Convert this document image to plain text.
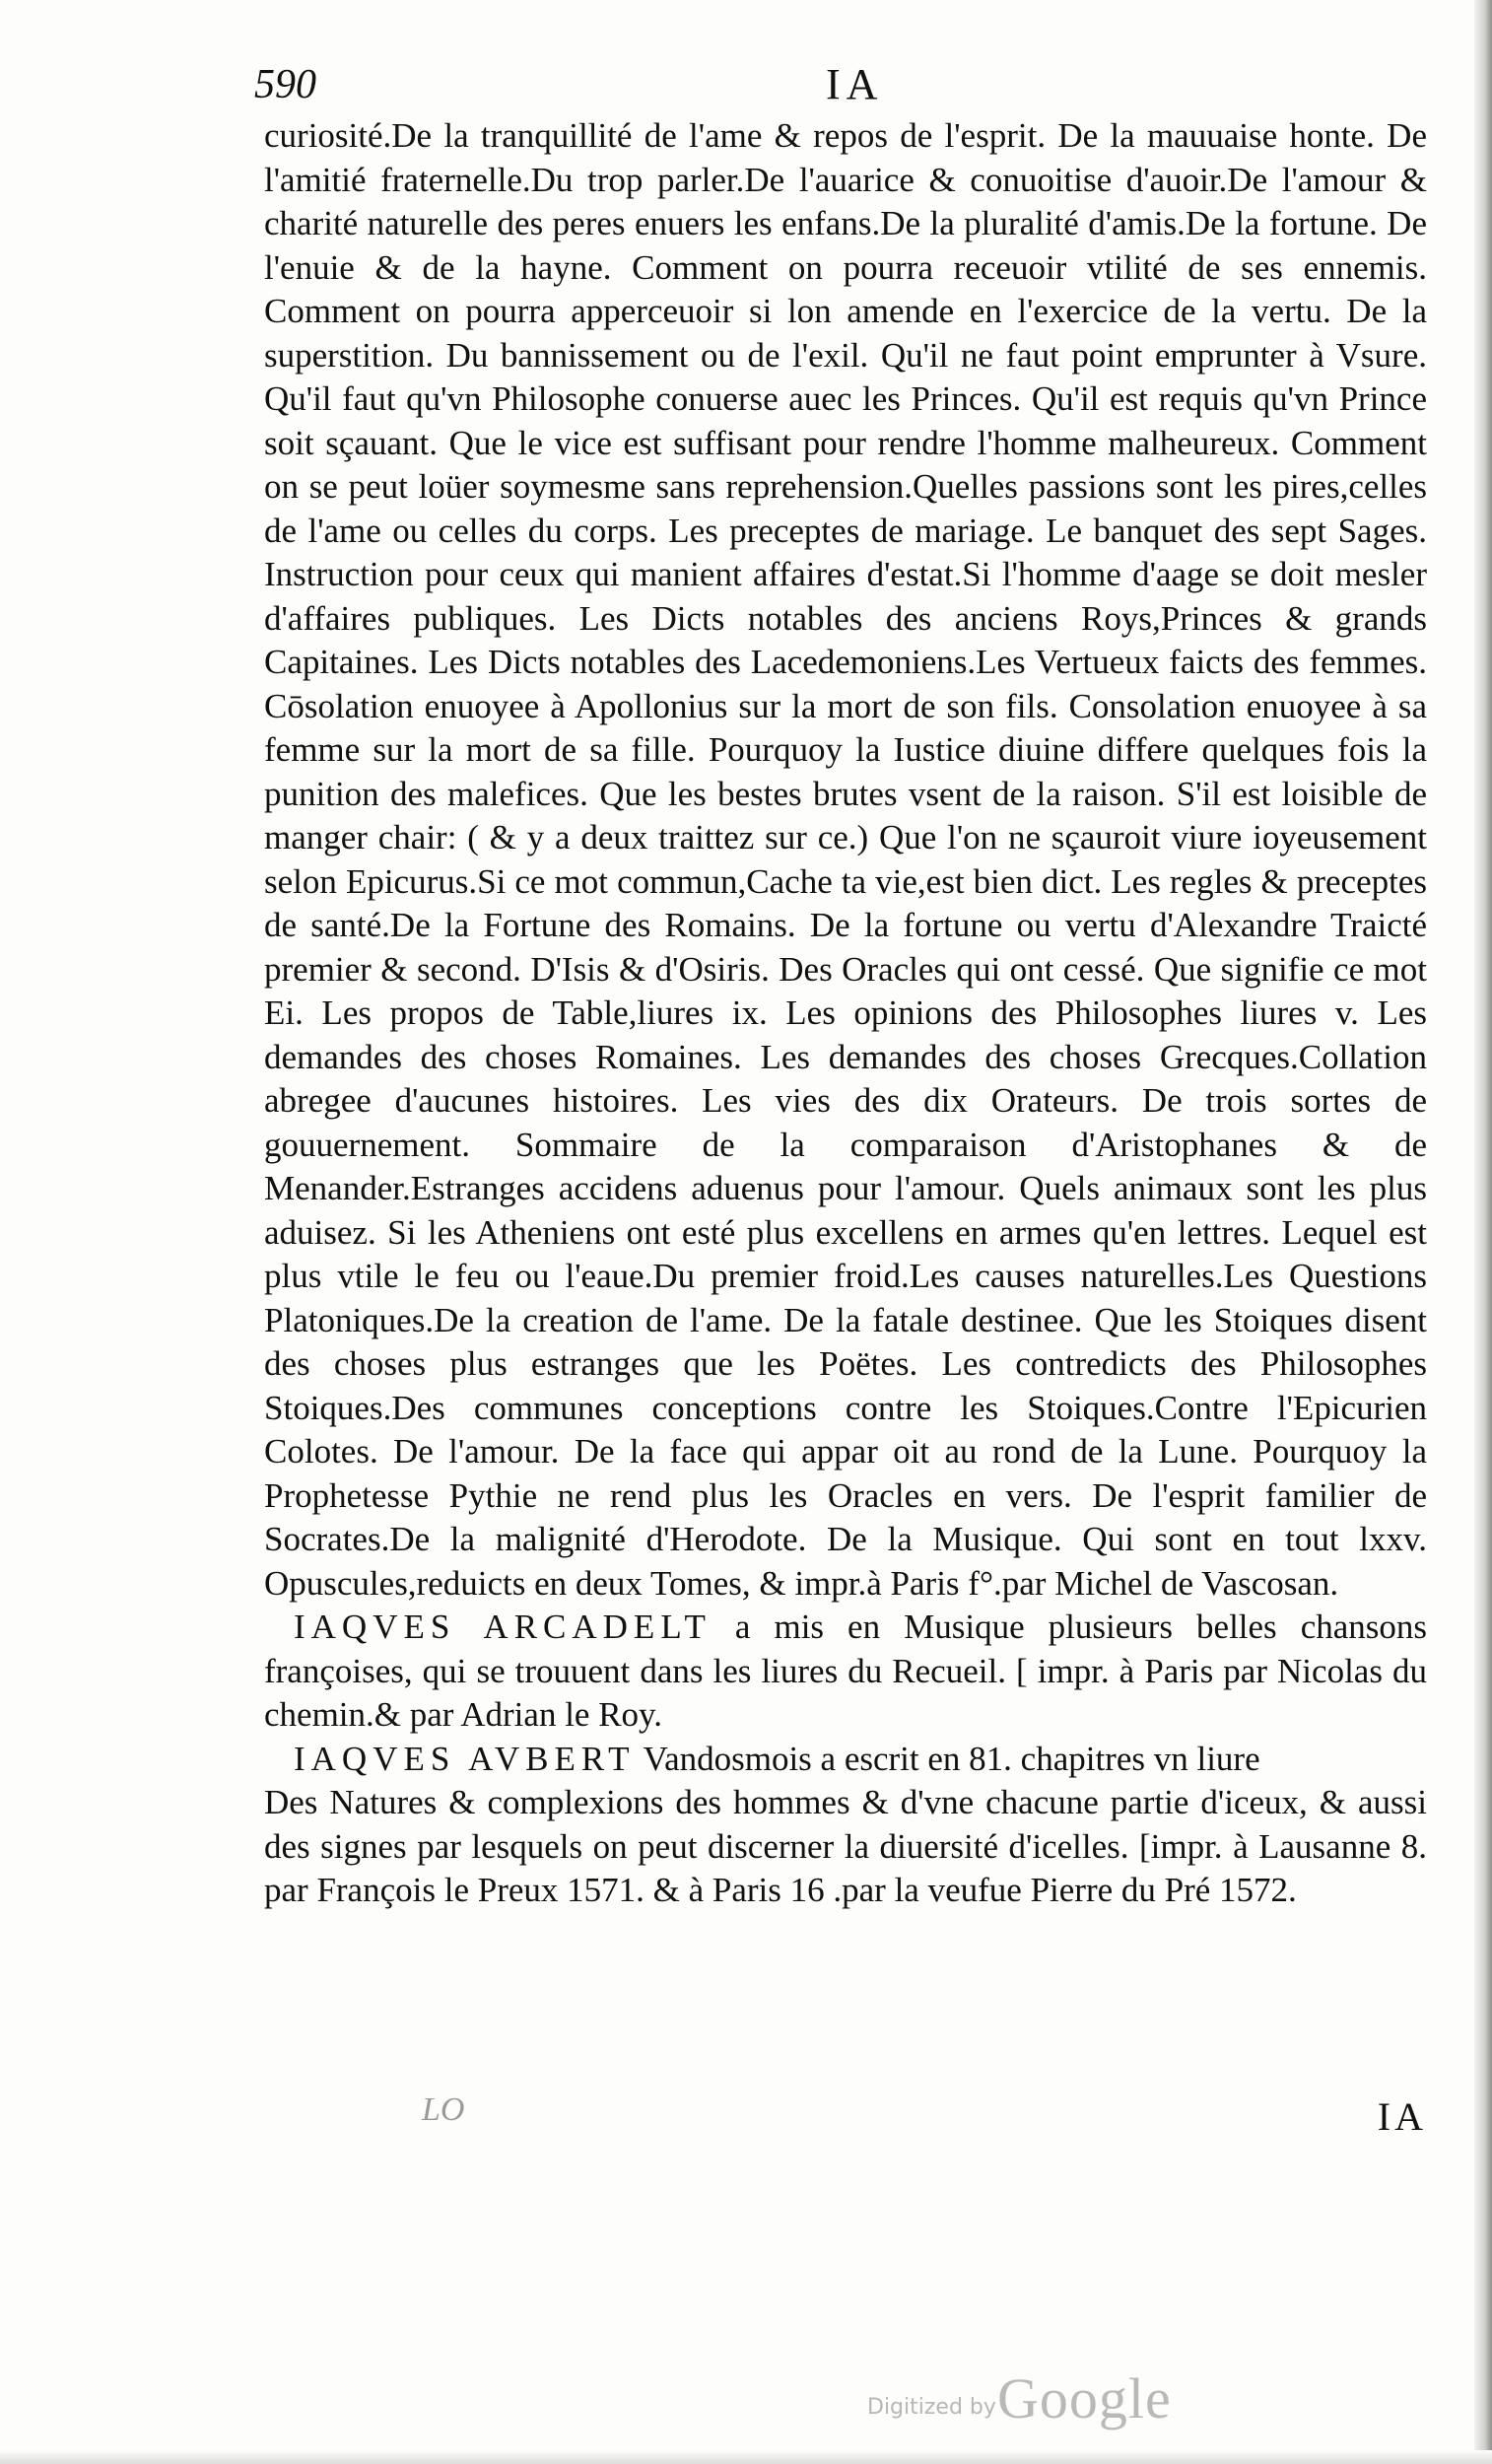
590	IA

curiosité.De la tranquillité de l'ame & repos de l'esprit. De la mauuaise honte. De l'amitié fraternelle.Du trop parler.De l'auarice & conuoitise d'auoir.De l'amour & charité naturelle des peres enuers les enfans.De la pluralité d'amis.De la fortune. De l'enuie & de la hayne. Comment on pourra receuoir vtilité de ses ennemis. Comment on pourra apperceuoir si lon amende en l'exercice de la vertu. De la superstition. Du bannissement ou de l'exil. Qu'il ne faut point emprunter à Vsure. Qu'il faut qu'vn Philosophe conuerse auec les Princes. Qu'il est requis qu'vn Prince soit sçauant. Que le vice est suffisant pour rendre l'homme malheureux. Comment on se peut loüer soymesme sans reprehension.Quelles passions sont les pires,celles de l'ame ou celles du corps. Les preceptes de mariage. Le banquet des sept Sages. Instruction pour ceux qui manient affaires d'estat.Si l'homme d'aage se doit mesler d'affaires publiques. Les Dicts notables des anciens Roys,Princes & grands Capitaines. Les Dicts notables des Lacedemoniens.Les Vertueux faicts des femmes. Cōsolation enuoyee à Apollonius sur la mort de son fils. Consolation enuoyee à sa femme sur la mort de sa fille. Pourquoy la Iustice diuine differe quelques fois la punition des malefices. Que les bestes brutes vsent de la raison. S'il est loisible de manger chair: ( & y a deux traittez sur ce.) Que l'on ne sçauroit viure ioyeusement selon Epicurus.Si ce mot commun,Cache ta vie,est bien dict. Les regles & preceptes de santé.De la Fortune des Romains. De la fortune ou vertu d'Alexandre Traicté premier & second. D'Isis & d'Osiris. Des Oracles qui ont cessé. Que signifie ce mot Ei. Les propos de Table,liures ix. Les opinions des Philosophes liures v. Les demandes des choses Romaines. Les demandes des choses Grecques.Collation abregee d'aucunes histoires. Les vies des dix Orateurs. De trois sortes de gouuernement. Sommaire de la comparaison d'Aristophanes & de Menander.Estranges accidens aduenus pour l'amour. Quels animaux sont les plus aduisez. Si les Atheniens ont esté plus excellens en armes qu'en lettres. Lequel est plus vtile le feu ou l'eaue.Du premier froid.Les causes naturelles.Les Questions Platoniques.De la creation de l'ame. De la fatale destinee. Que les Stoiques disent des choses plus estranges que les Poëtes. Les contredicts des Philosophes Stoiques.Des communes conceptions contre les Stoiques.Contre l'Epicurien Colotes. De l'amour. De la face qui appar oit au rond de la Lune. Pourquoy la Prophetesse Pythie ne rend plus les Oracles en vers. De l'esprit familier de Socrates.De la malignité d'Herodote. De la Musique. Qui sont en tout lxxv. Opuscules,reduicts en deux Tomes, & impr.à Paris f°.par Michel de Vascosan.

IAQVES ARCADELT a mis en Musique plusieurs belles chansons françoises, qui se trouuent dans les liures du Recueil. [ impr. à Paris par Nicolas du chemin.& par Adrian le Roy.

IAQVES AVBERT Vandosmois a escrit en 81. chapitres vn liure

Des Natures & complexions des hommes & d'vne chacune partie d'iceux, & aussi des signes par lesquels on peut discerner la diuersité d'icelles. [impr. à Lausanne 8. par François le Preux 1571. & à Paris 16 .par la veufue Pierre du Pré 1572.

LO	IA
Digitized by Google
